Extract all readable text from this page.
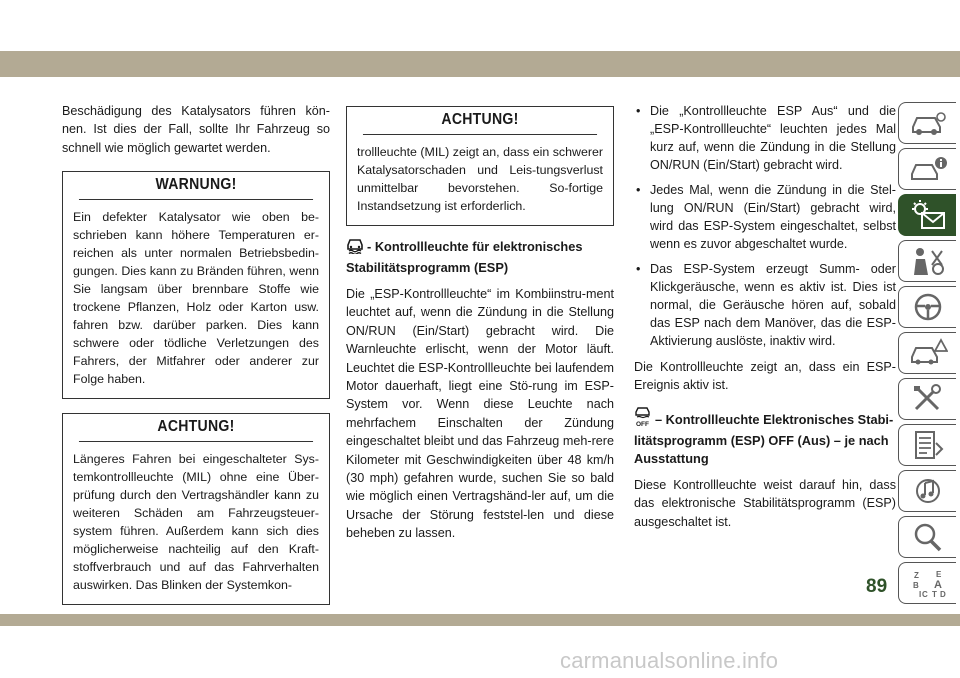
Beschädigung des Katalysators führen kön-nen. Ist dies der Fall, sollte Ihr Fahrzeug so schnell wie möglich gewartet werden.

WARNUNG!

Ein defekter Katalysator wie oben be-schrieben kann höhere Temperaturen er-reichen als unter normalen Betriebsbedin-gungen. Dies kann zu Bränden führen, wenn Sie langsam über brennbare Stoffe wie trockene Pflanzen, Holz oder Karton usw. fahren bzw. darüber parken. Dies kann schwere oder tödliche Verletzungen des Fahrers, der Mitfahrer oder anderer zur Folge haben.

ACHTUNG!

Längeres Fahren bei eingeschalteter Sys-temkontrollleuchte (MIL) ohne eine Über-prüfung durch den Vertragshändler kann zu weiteren Schäden am Fahrzeugsteuer-system führen. Außerdem kann sich dies möglicherweise nachteilig auf den Kraft-stoffverbrauch und auf das Fahrverhalten auswirken. Das Blinken der Systemkon-

ACHTUNG!

trollleuchte (MIL) zeigt an, dass ein schwerer Katalysatorschaden und Leis-tungsverlust unmittelbar bevorstehen. So-fortige Instandsetzung ist erforderlich.

- Kontrollleuchte für elektronisches Stabilitätsprogramm (ESP)

Die „ESP-Kontrollleuchte“ im Kombiinstru-ment leuchtet auf, wenn die Zündung in die Stellung ON/RUN (Ein/Start) gebracht wird. Die Warnleuchte erlischt, wenn der Motor läuft. Leuchtet die ESP-Kontrollleuchte bei laufendem Motor dauerhaft, liegt eine Stö-rung im ESP-System vor. Wenn diese Leuchte nach mehrfachem Einschalten der Zündung eingeschaltet bleibt und das Fahrzeug meh-rere Kilometer mit Geschwindigkeiten über 48 km/h (30 mph) gefahren wurde, suchen Sie so bald wie möglich einen Vertragshänd-ler auf, um die Ursache der Störung feststel-len und diese beheben zu lassen.

• Die „Kontrollleuchte ESP Aus“ und die „ESP-Kontrollleuchte“ leuchten jedes Mal kurz auf, wenn die Zündung in die Stellung ON/RUN (Ein/Start) gebracht wird.
• Jedes Mal, wenn die Zündung in die Stel-lung ON/RUN (Ein/Start) gebracht wird, wird das ESP-System eingeschaltet, selbst wenn es zuvor abgeschaltet wurde.
• Das ESP-System erzeugt Summ- oder Klickgeräusche, wenn es aktiv ist. Dies ist normal, die Geräusche hören auf, sobald das ESP nach dem Manöver, das die ESP-Aktivierung auslöste, inaktiv wird.

Die Kontrollleuchte zeigt an, dass ein ESP-Ereignis aktiv ist.

OFF – Kontrollleuchte Elektronisches Stabi-litätsprogramm (ESP) OFF (Aus) – je nach Ausstattung

Diese Kontrollleuchte weist darauf hin, dass das elektronische Stabilitätsprogramm (ESP) ausgeschaltet ist.

Z E
B A
C D
I T
89
carmanualsonline.info
